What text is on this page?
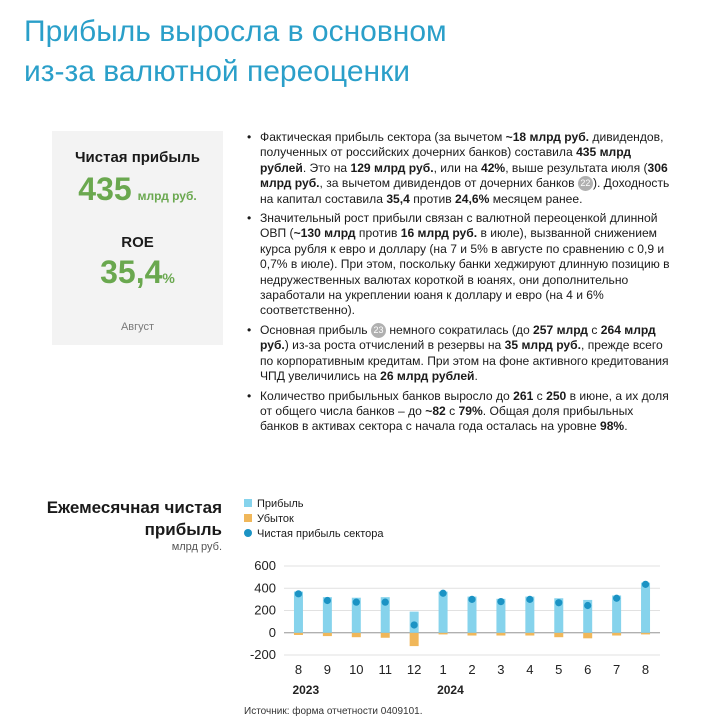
Прибыль выросла в основном
из-за валютной переоценки
Чистая прибыль
435 млрд руб.
ROE
35,4%
Август
• Фактическая прибыль сектора (за вычетом ~18 млрд руб. дивидендов, полученных от российских дочерних банков) составила 435 млрд рублей. Это на 129 млрд руб., или на 42%, выше результата июля (306 млрд руб., за вычетом дивидендов от дочерних банков 22 ). Доходность на капитал составила 35,4 против 24,6% месяцем ранее.
• Значительный рост прибыли связан с валютной переоценкой длинной ОВП (~130 млрд против 16 млрд руб. в июле), вызванной снижением курса рубля к евро и доллару (на 7 и 5% в августе по сравнению с 0,9 и 0,7% в июле). При этом, поскольку банки хеджируют длинную позицию в недружественных валютах короткой в юанях, они дополнительно заработали на укреплении юаня к доллару и евро (на 4 и 6% соответственно).
• Основная прибыль 23 немного сократилась (до 257 млрд с 264 млрд руб.) из-за роста отчислений в резервы на 35 млрд руб., прежде всего по корпоративным кредитам. При этом на фоне активного кредитования ЧПД увеличились на 26 млрд рублей.
• Количество прибыльных банков выросло до 261 с 250 в июне, а их доля от общего числа банков – до ~82 с 79%. Общая доля прибыльных банков в активах сектора с начала года осталась на уровне 98%.
Ежемесячная чистая прибыль
млрд руб.
Прибыль
Убыток
Чистая прибыль сектора
-200
0
200
400
600
8 9 10 11 12 1 2 3 4 5 6 7 8
2023	2024
Источник: форма отчетности 0409101.
